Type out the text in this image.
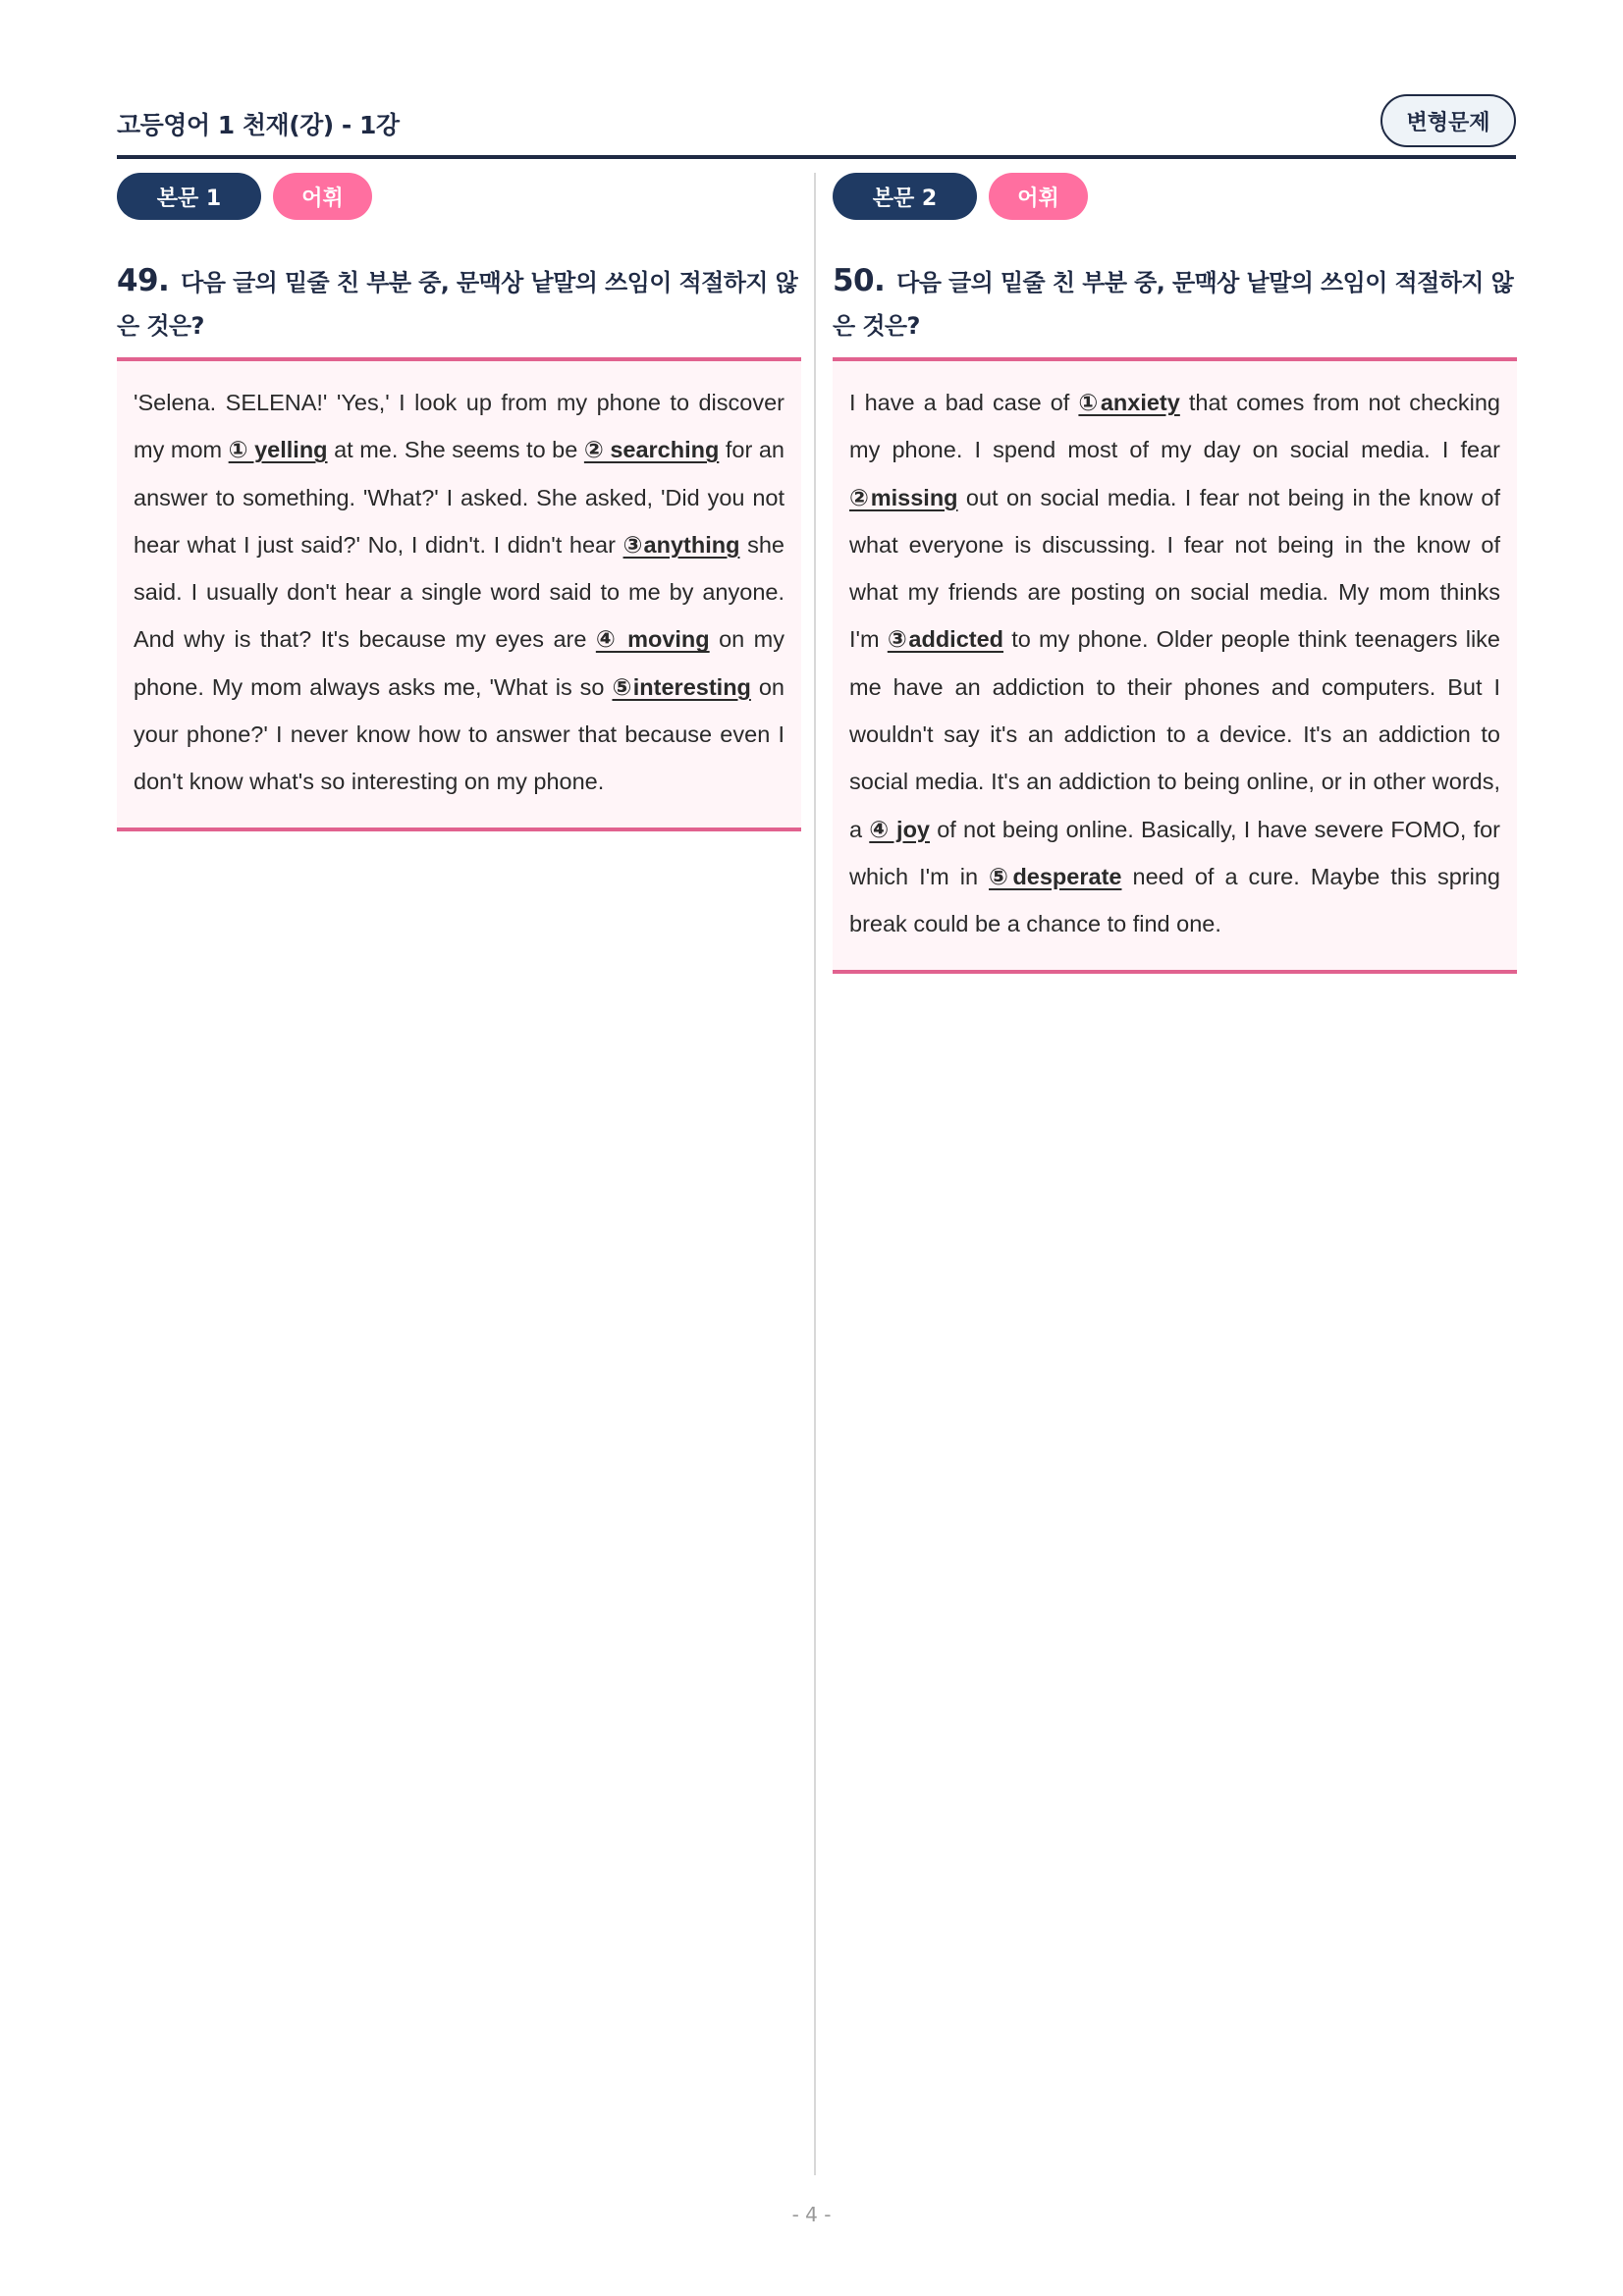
고등영어 1 천재(강) - 1강	변형문제
본문 1	어휘
49. 다음 글의 밑줄 친 부분 중, 문맥상 낱말의 쓰임이 적절하지 않은 것은?
'Selena. SELENA!' 'Yes,' I look up from my phone to discover my mom ① yelling at me. She seems to be ② searching for an answer to something. 'What?' I asked. She asked, 'Did you not hear what I just said?' No, I didn't. I didn't hear ③anything she said. I usually don't hear a single word said to me by anyone. And why is that? It's because my eyes are ④ moving on my phone. My mom always asks me, 'What is so ⑤interesting on your phone?' I never know how to answer that because even I don't know what's so interesting on my phone.
본문 2	어휘
50. 다음 글의 밑줄 친 부분 중, 문맥상 낱말의 쓰임이 적절하지 않은 것은?
I have a bad case of ①anxiety that comes from not checking my phone. I spend most of my day on social media. I fear ②missing out on social media. I fear not being in the know of what everyone is discussing. I fear not being in the know of what my friends are posting on social media. My mom thinks I'm ③addicted to my phone. Older people think teenagers like me have an addiction to their phones and computers. But I wouldn't say it's an addiction to a device. It's an addiction to social media. It's an addiction to being online, or in other words, a ④ joy of not being online. Basically, I have severe FOMO, for which I'm in ⑤desperate need of a cure. Maybe this spring break could be a chance to find one.
- 4 -
